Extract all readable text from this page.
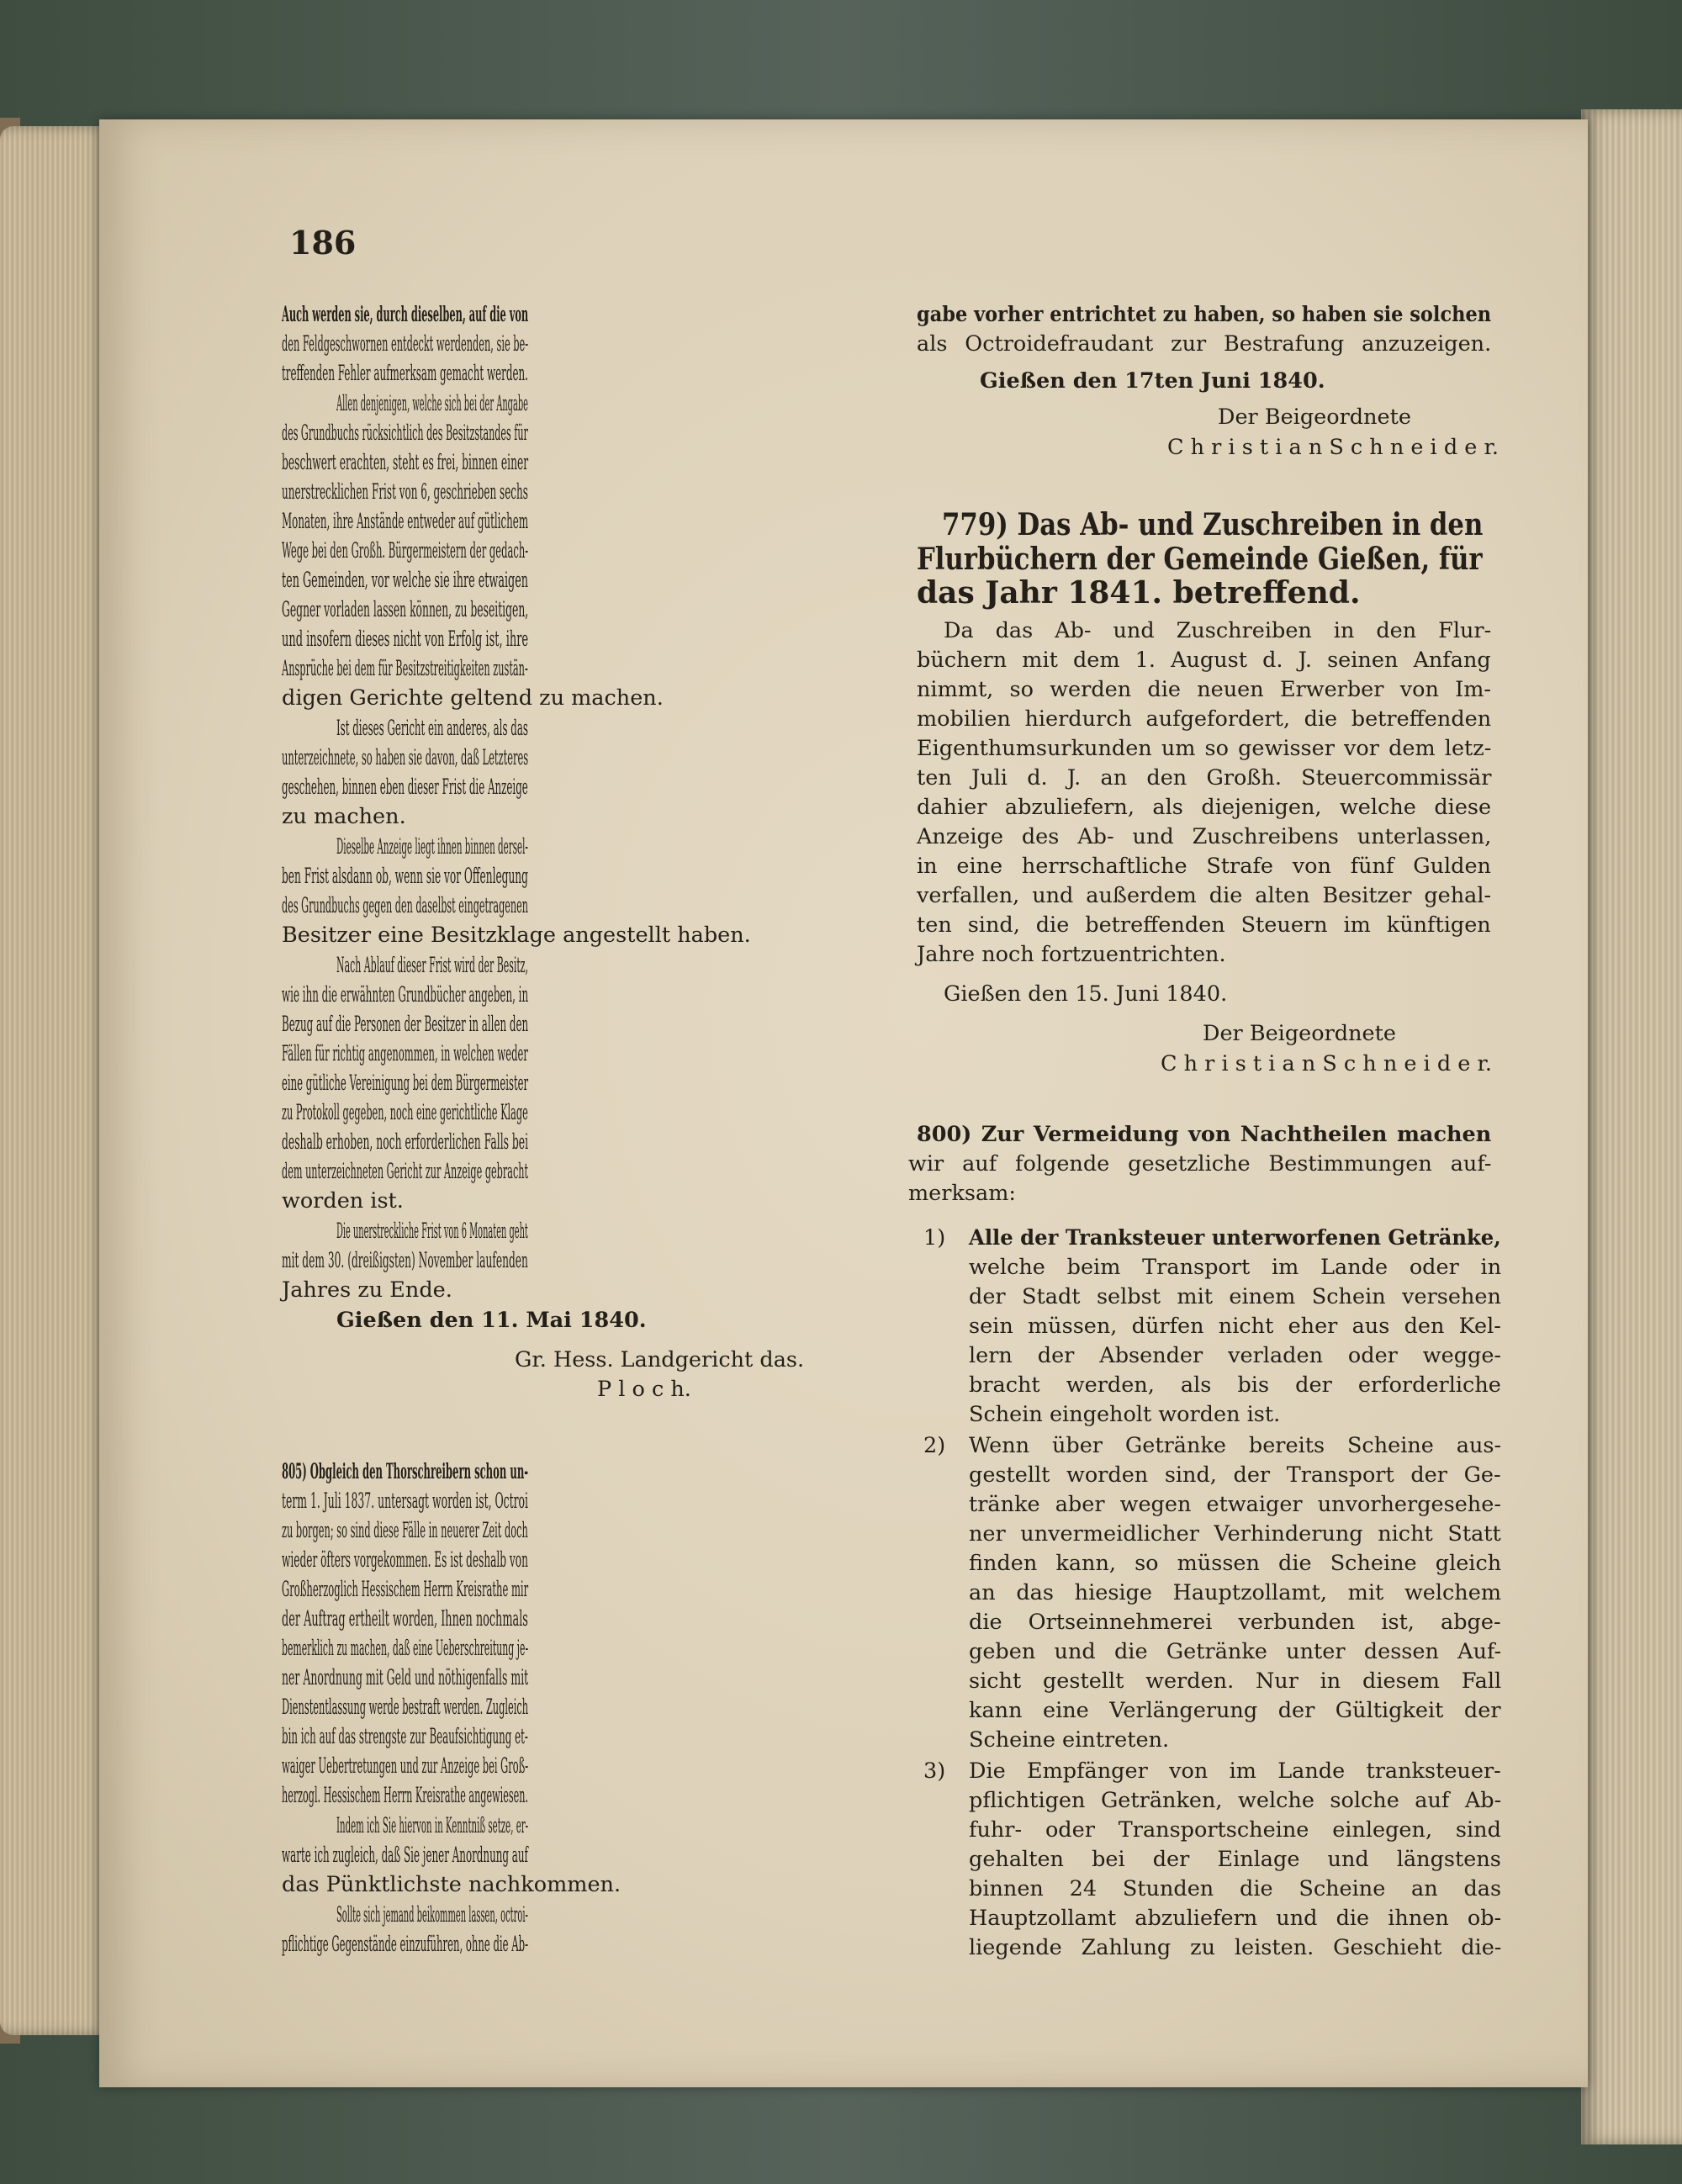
186
Auch werden sie, durch dieselben, auf die von
den Feldgeschwornen entdeckt werdenden, sie be-
treffenden Fehler aufmerksam gemacht werden.
Allen denjenigen, welche sich bei der Angabe
des Grundbuchs rücksichtlich des Besitzstandes für
beschwert erachten, steht es frei, binnen einer
unerstrecklichen Frist von 6, geschrieben sechs
Monaten, ihre Anstände entweder auf gütlichem
Wege bei den Großh. Bürgermeistern der gedach-
ten Gemeinden, vor welche sie ihre etwaigen
Gegner vorladen lassen können, zu beseitigen,
und insofern dieses nicht von Erfolg ist, ihre
Ansprüche bei dem für Besitzstreitigkeiten zustän-
digen Gerichte geltend zu machen.
Ist dieses Gericht ein anderes, als das
unterzeichnete, so haben sie davon, daß Letzteres
geschehen, binnen eben dieser Frist die Anzeige
zu machen.
Dieselbe Anzeige liegt ihnen binnen dersel-
ben Frist alsdann ob, wenn sie vor Offenlegung
des Grundbuchs gegen den daselbst eingetragenen
Besitzer eine Besitzklage angestellt haben.
Nach Ablauf dieser Frist wird der Besitz,
wie ihn die erwähnten Grundbücher angeben, in
Bezug auf die Personen der Besitzer in allen den
Fällen für richtig angenommen, in welchen weder
eine gütliche Vereinigung bei dem Bürgermeister
zu Protokoll gegeben, noch eine gerichtliche Klage
deshalb erhoben, noch erforderlichen Falls bei
dem unterzeichneten Gericht zur Anzeige gebracht
worden ist.
Die unerstreckliche Frist von 6 Monaten geht
mit dem 30. (dreißigsten) November laufenden
Jahres zu Ende.
Gießen den 11. Mai 1840.
Gr. Hess. Landgericht das.
P l o c h.
805) Obgleich den Thorschreibern schon un-
term 1. Juli 1837. untersagt worden ist, Octroi
zu borgen; so sind diese Fälle in neuerer Zeit doch
wieder öfters vorgekommen. Es ist deshalb von
Großherzoglich Hessischem Herrn Kreisrathe mir
der Auftrag ertheilt worden, Ihnen nochmals
bemerklich zu machen, daß eine Ueberschreitung je-
ner Anordnung mit Geld und nöthigenfalls mit
Dienstentlassung werde bestraft werden. Zugleich
bin ich auf das strengste zur Beaufsichtigung et-
waiger Uebertretungen und zur Anzeige bei Groß-
herzogl. Hessischem Herrn Kreisrathe angewiesen.
Indem ich Sie hiervon in Kenntniß setze, er-
warte ich zugleich, daß Sie jener Anordnung auf
das Pünktlichste nachkommen.
Sollte sich jemand beikommen lassen, octroi-
pflichtige Gegenstände einzuführen, ohne die Ab-
gabe vorher entrichtet zu haben, so haben sie solchen
als Octroidefraudant zur Bestrafung anzuzeigen.
Gießen den 17ten Juni 1840.
Der Beigeordnete
C h r i s t i a n S c h n e i d e r.
779) Das Ab- und Zuschreiben in den
Flurbüchern der Gemeinde Gießen, für
das Jahr 1841. betreffend.
Da das Ab- und Zuschreiben in den Flur-
büchern mit dem 1. August d. J. seinen Anfang
nimmt, so werden die neuen Erwerber von Im-
mobilien hierdurch aufgefordert, die betreffenden
Eigenthumsurkunden um so gewisser vor dem letz-
ten Juli d. J. an den Großh. Steuercommissär
dahier abzuliefern, als diejenigen, welche diese
Anzeige des Ab- und Zuschreibens unterlassen,
in eine herrschaftliche Strafe von fünf Gulden
verfallen, und außerdem die alten Besitzer gehal-
ten sind, die betreffenden Steuern im künftigen
Jahre noch fortzuentrichten.
Gießen den 15. Juni 1840.
Der Beigeordnete
C h r i s t i a n S c h n e i d e r.
800) Zur Vermeidung von Nachtheilen machen
wir auf folgende gesetzliche Bestimmungen auf-
merksam:
1) Alle der Tranksteuer unterworfenen Getränke,
welche beim Transport im Lande oder in
der Stadt selbst mit einem Schein versehen
sein müssen, dürfen nicht eher aus den Kel-
lern der Absender verladen oder wegge-
bracht werden, als bis der erforderliche
Schein eingeholt worden ist.
2) Wenn über Getränke bereits Scheine aus-
gestellt worden sind, der Transport der Ge-
tränke aber wegen etwaiger unvorhergesehe-
ner unvermeidlicher Verhinderung nicht Statt
finden kann, so müssen die Scheine gleich
an das hiesige Hauptzollamt, mit welchem
die Ortseinnehmerei verbunden ist, abge-
geben und die Getränke unter dessen Auf-
sicht gestellt werden. Nur in diesem Fall
kann eine Verlängerung der Gültigkeit der
Scheine eintreten.
3) Die Empfänger von im Lande tranksteuer-
pflichtigen Getränken, welche solche auf Ab-
fuhr- oder Transportscheine einlegen, sind
gehalten bei der Einlage und längstens
binnen 24 Stunden die Scheine an das
Hauptzollamt abzuliefern und die ihnen ob-
liegende Zahlung zu leisten. Geschieht die-
